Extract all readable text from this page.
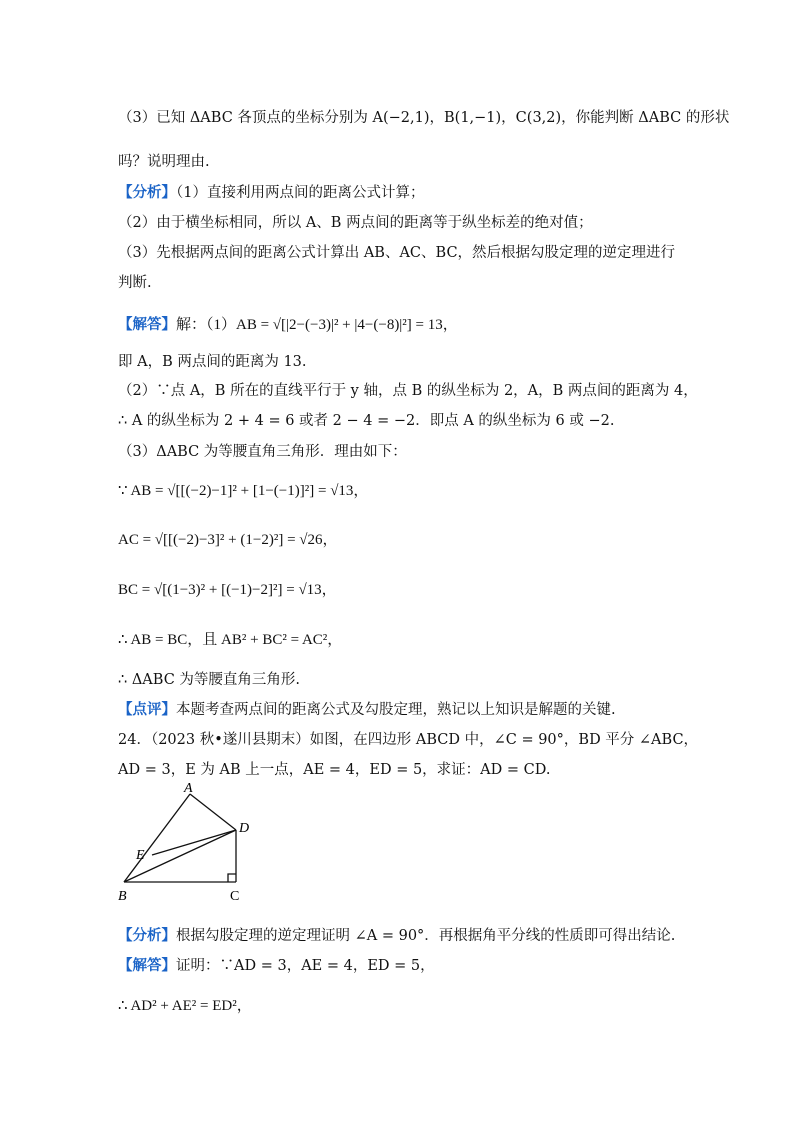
（3）已知 ΔABC 各顶点的坐标分别为 A(−2,1)，B(1,−1)，C(3,2)，你能判断 ΔABC 的形状
吗？说明理由.
【分析】（1）直接利用两点间的距离公式计算；
（2）由于横坐标相同，所以 A、B 两点间的距离等于纵坐标差的绝对值；
（3）先根据两点间的距离公式计算出 AB、AC、BC，然后根据勾股定理的逆定理进行
判断.
【解答】解：（1）AB = √[|2−(−3)|² + |4−(−8)|²] = 13，
即 A，B 两点间的距离为 13.
（2）∵点 A，B 所在的直线平行于 y 轴，点 B 的纵坐标为 2，A，B 两点间的距离为 4，
∴ A 的纵坐标为 2 + 4 = 6 或者 2 − 4 = −2．即点 A 的纵坐标为 6 或 −2.
（3）ΔABC 为等腰直角三角形．理由如下：
∵ AB = √[[(−2)−1]² + [1−(−1)]²] = √13，
AC = √[[(−2)−3]² + (1−2)²] = √26，
BC = √[(1−3)² + [(−1)−2]²] = √13，
∴ AB = BC，且 AB² + BC² = AC²，
∴ ΔABC 为等腰直角三角形.
【点评】本题考查两点间的距离公式及勾股定理，熟记以上知识是解题的关键.
24．（2023 秋•遂川县期末）如图，在四边形 ABCD 中，∠C = 90°，BD 平分 ∠ABC，
AD = 3，E 为 AB 上一点，AE = 4，ED = 5，求证：AD = CD.
A
D
E
B	C
【分析】根据勾股定理的逆定理证明 ∠A = 90°．再根据角平分线的性质即可得出结论.
【解答】证明：∵AD = 3，AE = 4，ED = 5，
∴ AD² + AE² = ED²，
